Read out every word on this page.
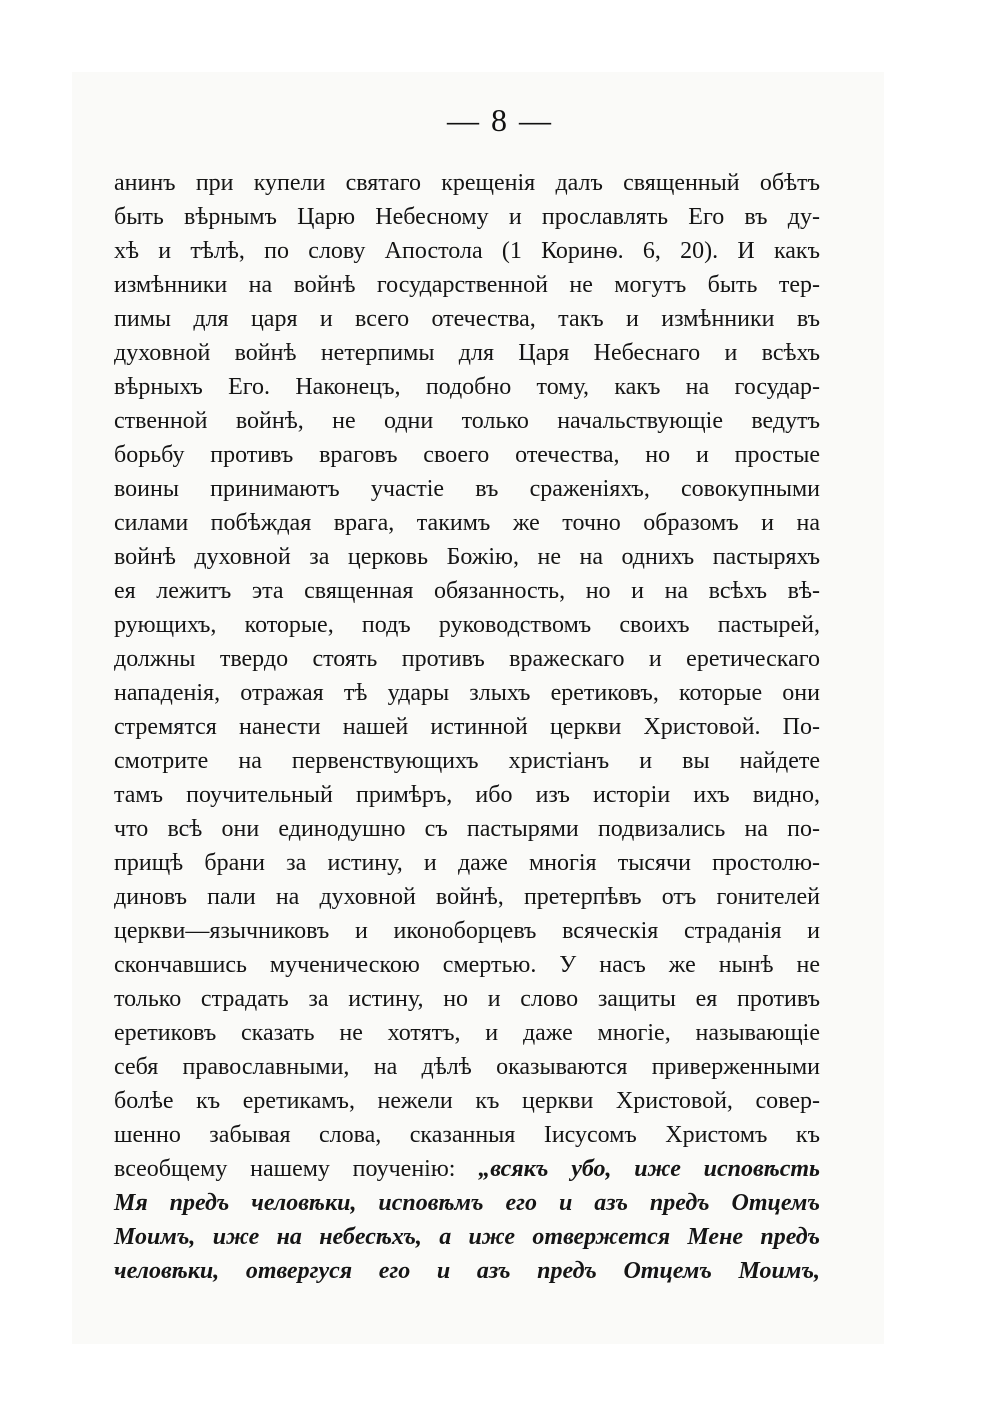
— 8 —
анинъ при купели святаго крещенія далъ священный обѣтъ
быть вѣрнымъ Царю Небесному и прославлять Его въ ду-
хѣ и тѣлѣ, по слову Апостола (1 Коринѳ. 6, 20). И какъ
измѣнники на войнѣ государственной не могутъ быть тер-
пимы для царя и всего отечества, такъ и измѣнники въ
духовной войнѣ нетерпимы для Царя Небеснаго и всѣхъ
вѣрныхъ Его. Наконецъ, подобно тому, какъ на государ-
ственной войнѣ, не одни только начальствующіе ведутъ
борьбу противъ враговъ своего отечества, но и простые
воины принимаютъ участіе въ сраженіяхъ, совокупными
силами побѣждая врага, такимъ же точно образомъ и на
войнѣ духовной за церковь Божію, не на однихъ пастыряхъ
ея лежитъ эта священная обязанность, но и на всѣхъ вѣ-
рующихъ, которые, подъ руководствомъ своихъ пастырей,
должны твердо стоять противъ вражескаго и еретическаго
нападенія, отражая тѣ удары злыхъ еретиковъ, которые они
стремятся нанести нашей истинной церкви Христовой. По-
смотрите на первенствующихъ христіанъ и вы найдете
тамъ поучительный примѣръ, ибо изъ исторіи ихъ видно,
что всѣ они единодушно съ пастырями подвизались на по-
прищѣ брани за истину, и даже многія тысячи простолю-
диновъ пали на духовной войнѣ, претерпѣвъ отъ гонителей
церкви—язычниковъ и иконоборцевъ всяческія страданія и
скончавшись мученическою смертью. У насъ же нынѣ не
только страдать за истину, но и слово защиты ея противъ
еретиковъ сказать не хотятъ, и даже многіе, называющіе
себя православными, на дѣлѣ оказываются приверженными
болѣе къ еретикамъ, нежели къ церкви Христовой, совер-
шенно забывая слова, сказанныя Іисусомъ Христомъ къ
всеобщему нашему поученію: „всякъ убо, иже исповѣсть
Мя предъ человѣки, исповѣмъ его и азъ предъ Отцемъ
Моимъ, иже на небесѣхъ, а иже отвержется Мене предъ
человѣки, отвергуся его и азъ предъ Отцемъ Моимъ,
